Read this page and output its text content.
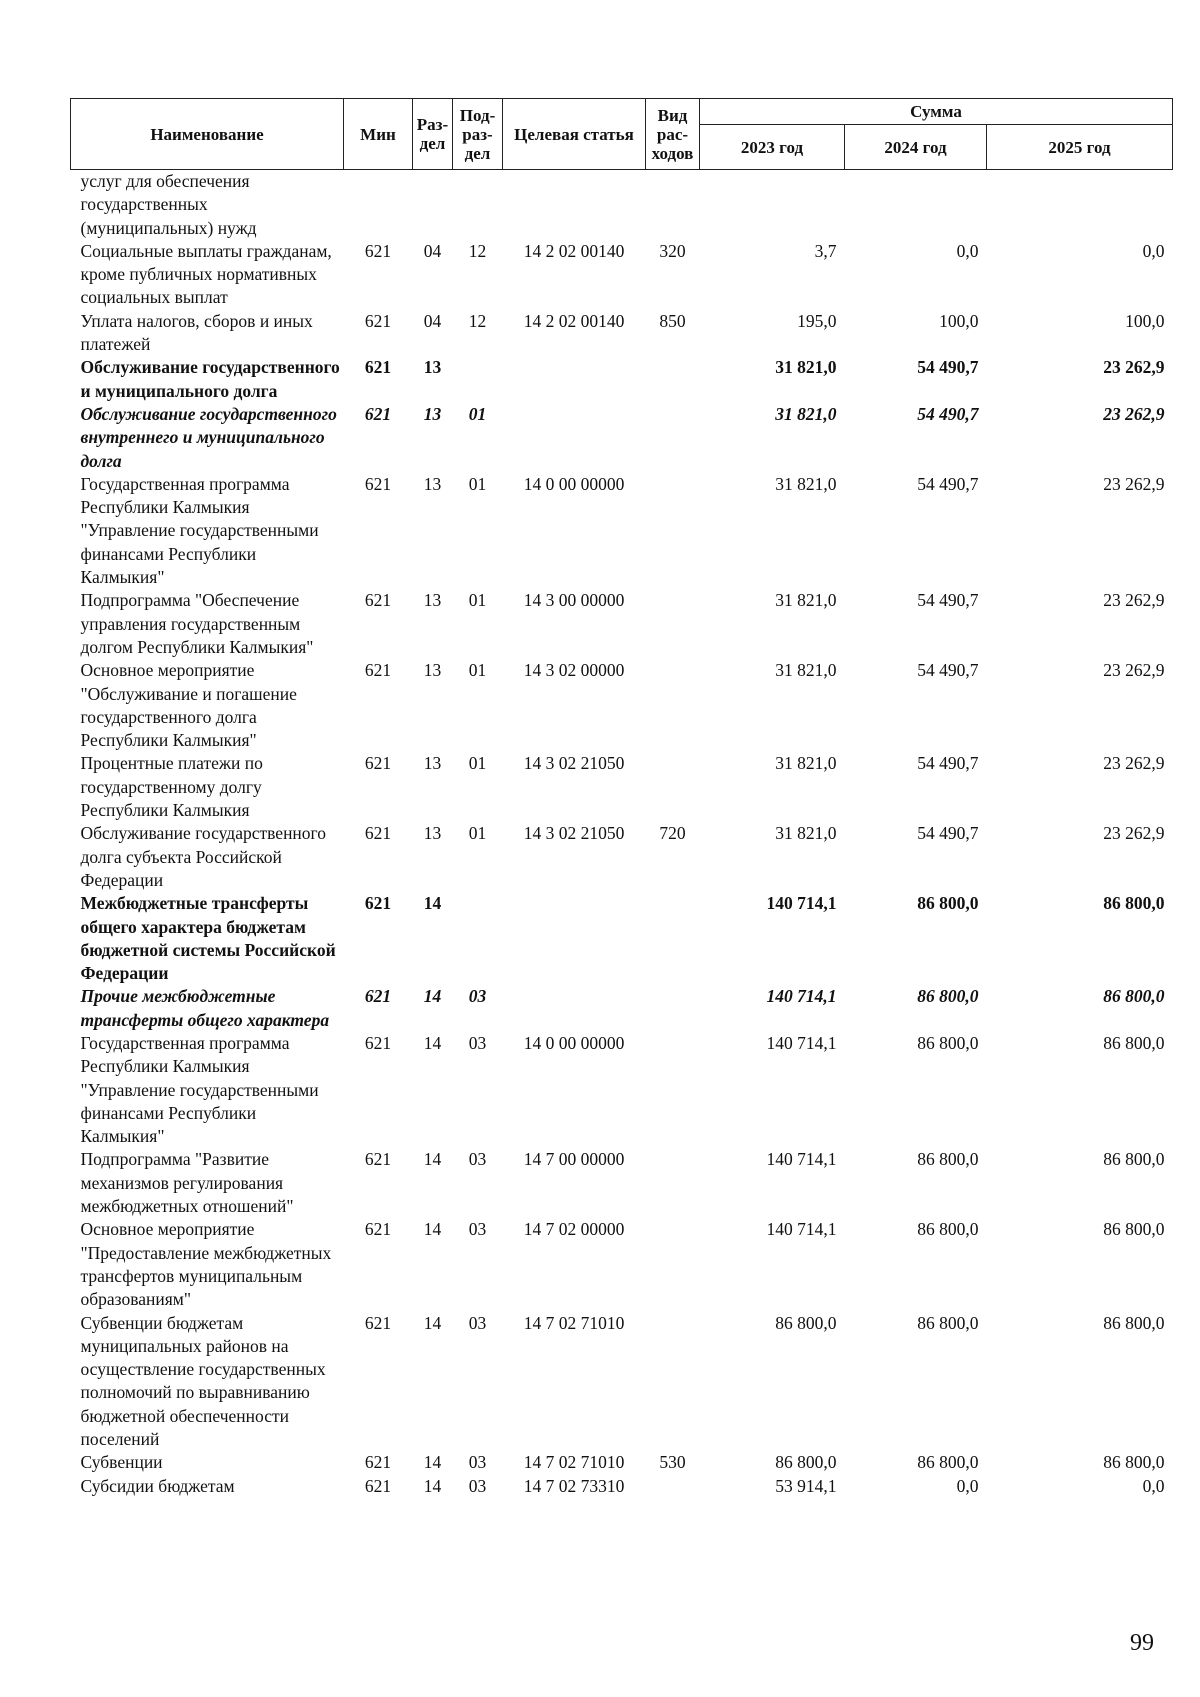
Наименование	Мин	Раз-дел	Под-раз-дел	Целевая статья	Вид рас-ходов	Сумма		
						2023 год	2024 год	2025 год
услуг для обеспечения государственных (муниципальных) нужд								
Социальные выплаты гражданам, кроме публичных нормативных социальных выплат	621	04	12	14 2 02 00140	320	3,7	0,0	0,0
Уплата налогов, сборов и иных платежей	621	04	12	14 2 02 00140	850	195,0	100,0	100,0
Обслуживание государственного и муниципального долга	621	13				31 821,0	54 490,7	23 262,9
Обслуживание государственного внутреннего и муниципального долга	621	13	01			31 821,0	54 490,7	23 262,9
Государственная программа Республики Калмыкия "Управление государственными финансами Республики Калмыкия"	621	13	01	14 0 00 00000		31 821,0	54 490,7	23 262,9
Подпрограмма "Обеспечение управления государственным долгом Республики Калмыкия"	621	13	01	14 3 00 00000		31 821,0	54 490,7	23 262,9
Основное мероприятие "Обслуживание и погашение государственного долга Республики Калмыкия"	621	13	01	14 3 02 00000		31 821,0	54 490,7	23 262,9
Процентные платежи по государственному долгу Республики Калмыкия	621	13	01	14 3 02 21050		31 821,0	54 490,7	23 262,9
Обслуживание государственного долга субъекта Российской Федерации	621	13	01	14 3 02 21050	720	31 821,0	54 490,7	23 262,9
Межбюджетные трансферты общего характера бюджетам бюджетной системы Российской Федерации	621	14				140 714,1	86 800,0	86 800,0
Прочие межбюджетные трансферты общего характера	621	14	03			140 714,1	86 800,0	86 800,0
Государственная программа Республики Калмыкия "Управление государственными финансами Республики Калмыкия"	621	14	03	14 0 00 00000		140 714,1	86 800,0	86 800,0
Подпрограмма "Развитие механизмов регулирования межбюджетных отношений"	621	14	03	14 7 00 00000		140 714,1	86 800,0	86 800,0
Основное мероприятие "Предоставление межбюджетных трансфертов муниципальным образованиям"	621	14	03	14 7 02 00000		140 714,1	86 800,0	86 800,0
Субвенции бюджетам муниципальных районов на осуществление государственных полномочий по выравниванию бюджетной обеспеченности поселений	621	14	03	14 7 02 71010		86 800,0	86 800,0	86 800,0
Субвенции	621	14	03	14 7 02 71010	530	86 800,0	86 800,0	86 800,0
Субсидии бюджетам	621	14	03	14 7 02 73310		53 914,1	0,0	0,0
99
